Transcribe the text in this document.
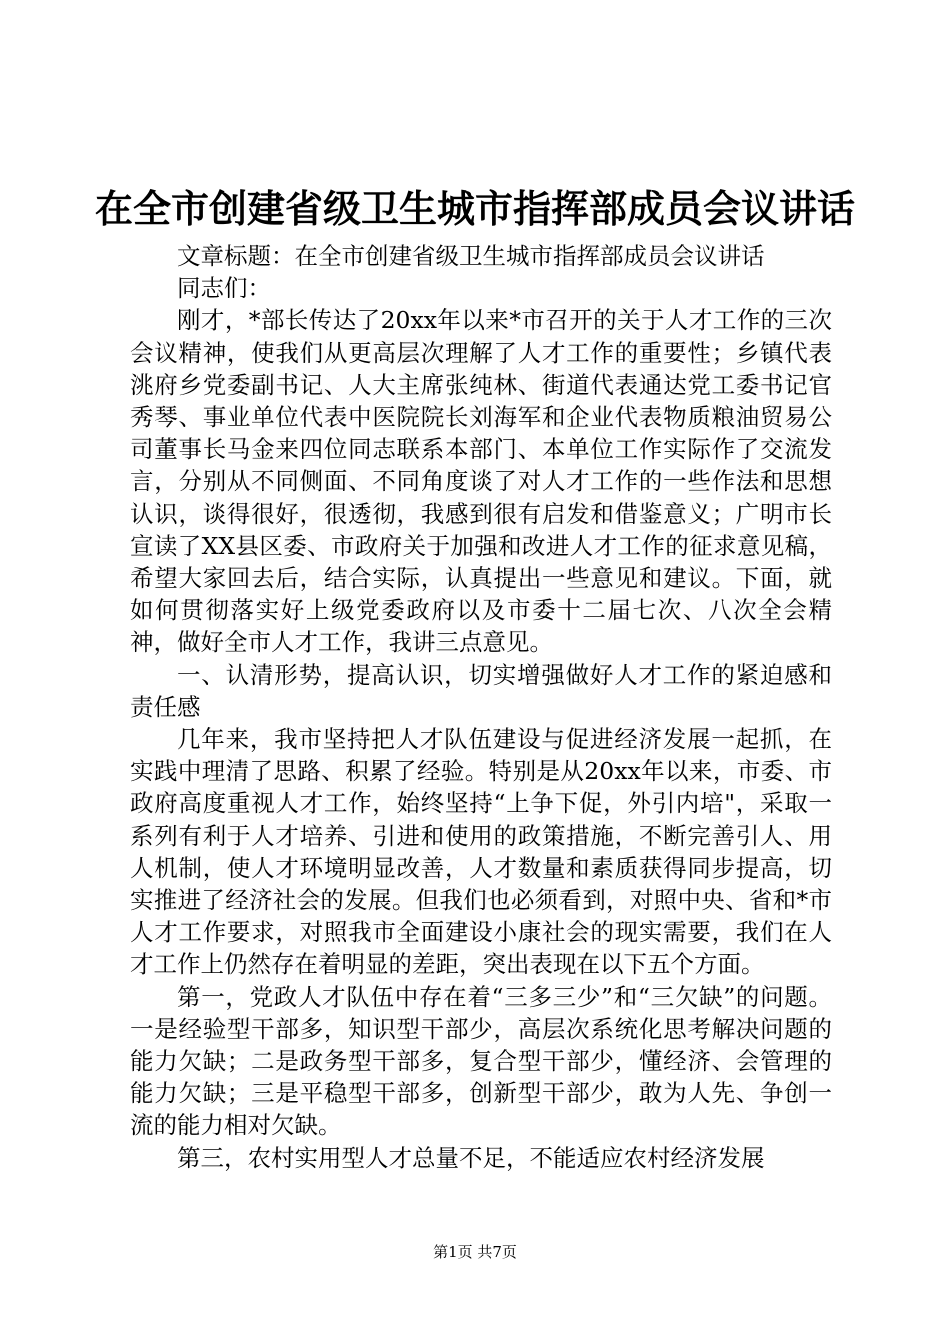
在全市创建省级卫生城市指挥部成员会议讲话

文章标题：在全市创建省级卫生城市指挥部成员会议讲话

同志们：

刚才，*部长传达了20xx年以来*市召开的关于人才工作的三次会议精神，使我们从更高层次理解了人才工作的重要性；乡镇代表洮府乡党委副书记、人大主席张纯林、街道代表通达党工委书记官秀琴、事业单位代表中医院院长刘海军和企业代表物质粮油贸易公司董事长马金来四位同志联系本部门、本单位工作实际作了交流发言，分别从不同侧面、不同角度谈了对人才工作的一些作法和思想认识，谈得很好，很透彻，我感到很有启发和借鉴意义；广明市长宣读了XX县区委、市政府关于加强和改进人才工作的征求意见稿，希望大家回去后，结合实际，认真提出一些意见和建议。下面，就如何贯彻落实好上级党委政府以及市委十二届七次、八次全会精神，做好全市人才工作，我讲三点意见。

一、认清形势，提高认识，切实增强做好人才工作的紧迫感和责任感

几年来，我市坚持把人才队伍建设与促进经济发展一起抓，在实践中理清了思路、积累了经验。特别是从20xx年以来，市委、市政府高度重视人才工作，始终坚持“上争下促，外引内培"，采取一系列有利于人才培养、引进和使用的政策措施，不断完善引人、用人机制，使人才环境明显改善，人才数量和素质获得同步提高，切实推进了经济社会的发展。但我们也必须看到，对照中央、省和*市人才工作要求，对照我市全面建设小康社会的现实需要，我们在人才工作上仍然存在着明显的差距，突出表现在以下五个方面。

第一，党政人才队伍中存在着“三多三少”和“三欠缺”的问题。一是经验型干部多，知识型干部少，高层次系统化思考解决问题的能力欠缺；二是政务型干部多，复合型干部少，懂经济、会管理的能力欠缺；三是平稳型干部多，创新型干部少，敢为人先、争创一流的能力相对欠缺。

第三，农村实用型人才总量不足，不能适应农村经济发展

第1页 共7页
